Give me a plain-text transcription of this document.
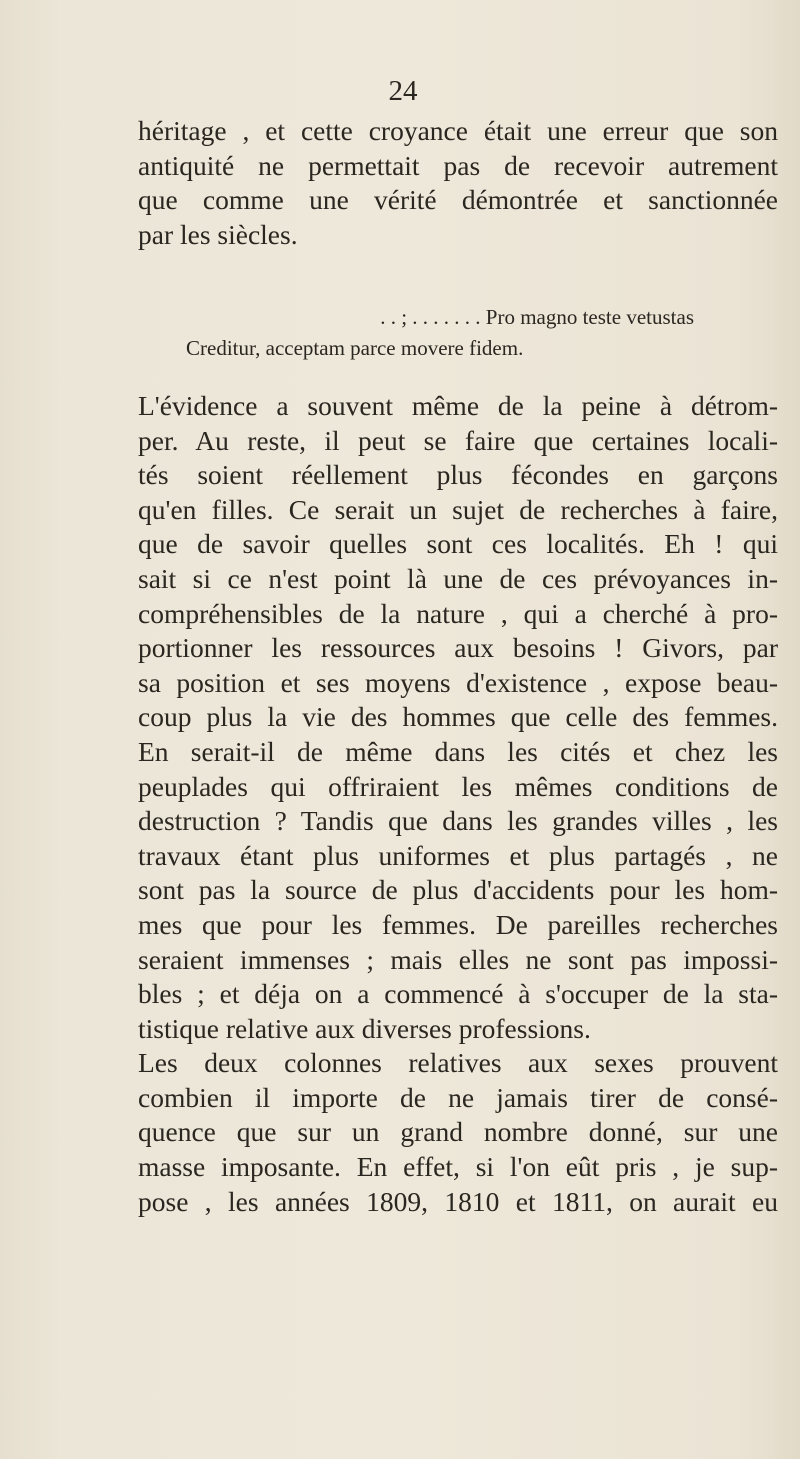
24
héritage , et cette croyance était une erreur que son
antiquité ne permettait pas de recevoir autrement
que comme une vérité démontrée et sanctionnée
par les siècles.
. . ; . . . . . . . Pro magno teste vetustas
Creditur, acceptam parce movere fidem.
L'évidence a souvent même de la peine à détrom-
per. Au reste, il peut se faire que certaines locali-
tés soient réellement plus fécondes en garçons
qu'en filles. Ce serait un sujet de recherches à faire,
que de savoir quelles sont ces localités. Eh ! qui
sait si ce n'est point là une de ces prévoyances in-
compréhensibles de la nature , qui a cherché à pro-
portionner les ressources aux besoins ! Givors, par
sa position et ses moyens d'existence , expose beau-
coup plus la vie des hommes que celle des femmes.
En serait-il de même dans les cités et chez les
peuplades qui offriraient les mêmes conditions de
destruction ? Tandis que dans les grandes villes , les
travaux étant plus uniformes et plus partagés , ne
sont pas la source de plus d'accidents pour les hom-
mes que pour les femmes. De pareilles recherches
seraient immenses ; mais elles ne sont pas impossi-
bles ; et déja on a commencé à s'occuper de la sta-
tistique relative aux diverses professions.
Les deux colonnes relatives aux sexes prouvent
combien il importe de ne jamais tirer de consé-
quence que sur un grand nombre donné, sur une
masse imposante. En effet, si l'on eût pris , je sup-
pose , les années 1809, 1810 et 1811, on aurait eu
